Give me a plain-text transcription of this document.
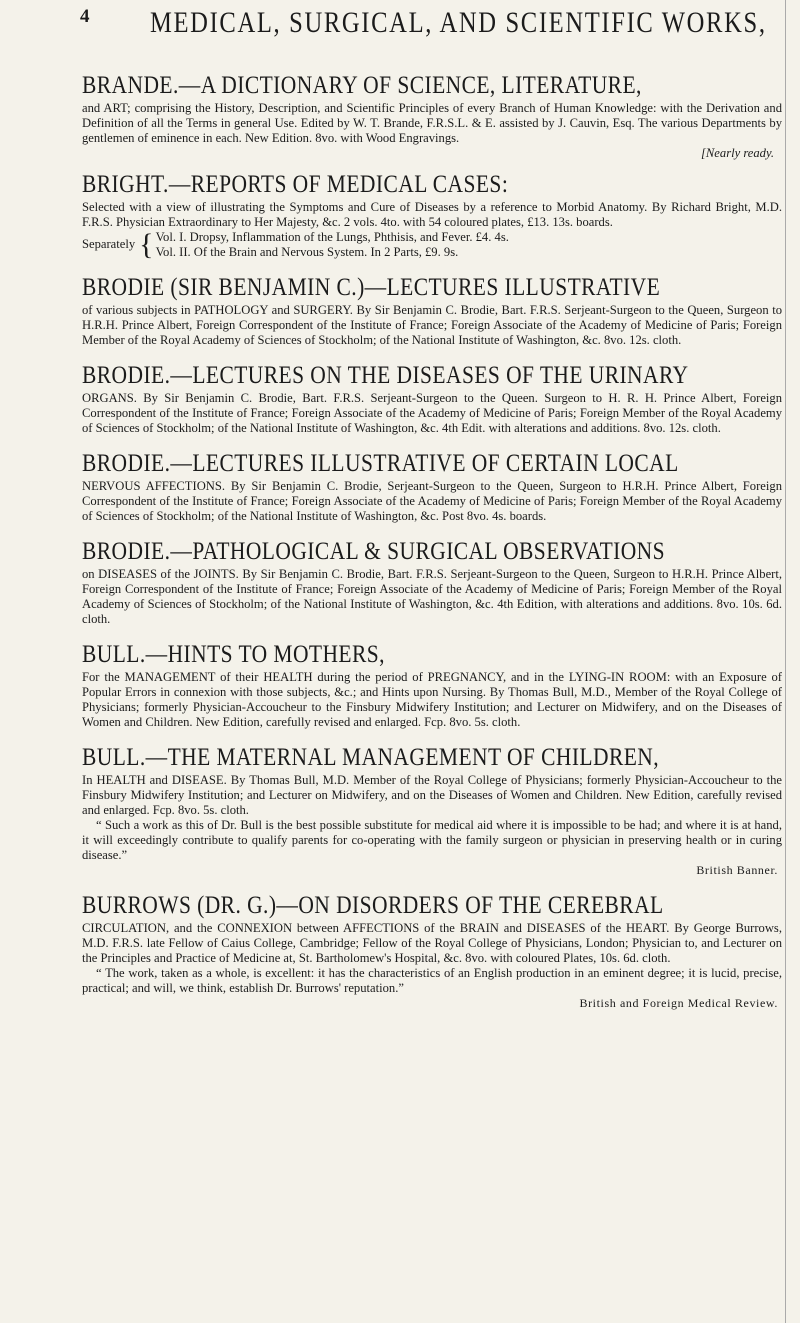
4 MEDICAL, SURGICAL, AND SCIENTIFIC WORKS,
BRANDE.—A DICTIONARY OF SCIENCE, LITERATURE,
and ART; comprising the History, Description, and Scientific Principles of every Branch of Human Knowledge: with the Derivation and Definition of all the Terms in general Use. Edited by W. T. Brande, F.R.S.L. & E. assisted by J. Cauvin, Esq. The various Departments by gentlemen of eminence in each. New Edition. 8vo. with Wood Engravings.
[Nearly ready.
BRIGHT.—REPORTS OF MEDICAL CASES:
Selected with a view of illustrating the Symptoms and Cure of Diseases by a reference to Morbid Anatomy. By Richard Bright, M.D. F.R.S. Physician Extraordinary to Her Majesty, &c. 2 vols. 4to. with 54 coloured plates, £13. 13s. boards.
Separately { Vol. I. Dropsy, Inflammation of the Lungs, Phthisis, and Fever. £4. 4s.
Vol. II. Of the Brain and Nervous System. In 2 Parts, £9. 9s.
BRODIE (SIR BENJAMIN C.)—LECTURES ILLUSTRATIVE
of various subjects in PATHOLOGY and SURGERY. By Sir Benjamin C. Brodie, Bart. F.R.S. Serjeant-Surgeon to the Queen, Surgeon to H.R.H. Prince Albert, Foreign Correspondent of the Institute of France; Foreign Associate of the Academy of Medicine of Paris; Foreign Member of the Royal Academy of Sciences of Stockholm; of the National Institute of Washington, &c. 8vo. 12s. cloth.
BRODIE.—LECTURES ON THE DISEASES OF THE URINARY
ORGANS. By Sir Benjamin C. Brodie, Bart. F.R.S. Serjeant-Surgeon to the Queen. Surgeon to H. R. H. Prince Albert, Foreign Correspondent of the Institute of France; Foreign Associate of the Academy of Medicine of Paris; Foreign Member of the Royal Academy of Sciences of Stockholm; of the National Institute of Washington, &c. 4th Edit. with alterations and additions. 8vo. 12s. cloth.
BRODIE.—LECTURES ILLUSTRATIVE OF CERTAIN LOCAL
NERVOUS AFFECTIONS. By Sir Benjamin C. Brodie, Serjeant-Surgeon to the Queen, Surgeon to H.R.H. Prince Albert, Foreign Correspondent of the Institute of France; Foreign Associate of the Academy of Medicine of Paris; Foreign Member of the Royal Academy of Sciences of Stockholm; of the National Institute of Washington, &c. Post 8vo. 4s. boards.
BRODIE.—PATHOLOGICAL & SURGICAL OBSERVATIONS
on DISEASES of the JOINTS. By Sir Benjamin C. Brodie, Bart. F.R.S. Serjeant-Surgeon to the Queen, Surgeon to H.R.H. Prince Albert, Foreign Correspondent of the Institute of France; Foreign Associate of the Academy of Medicine of Paris; Foreign Member of the Royal Academy of Sciences of Stockholm; of the National Institute of Washington, &c. 4th Edition, with alterations and additions. 8vo. 10s. 6d. cloth.
BULL.—HINTS TO MOTHERS,
For the MANAGEMENT of their HEALTH during the period of PREGNANCY, and in the LYING-IN ROOM: with an Exposure of Popular Errors in connexion with those subjects, &c.; and Hints upon Nursing. By Thomas Bull, M.D., Member of the Royal College of Physicians; formerly Physician-Accoucheur to the Finsbury Midwifery Institution; and Lecturer on Midwifery, and on the Diseases of Women and Children. New Edition, carefully revised and enlarged. Fcp. 8vo. 5s. cloth.
BULL.—THE MATERNAL MANAGEMENT OF CHILDREN,
In HEALTH and DISEASE. By Thomas Bull, M.D. Member of the Royal College of Physicians; formerly Physician-Accoucheur to the Finsbury Midwifery Institution; and Lecturer on Midwifery, and on the Diseases of Women and Children. New Edition, carefully revised and enlarged. Fcp. 8vo. 5s. cloth.
“ Such a work as this of Dr. Bull is the best possible substitute for medical aid where it is impossible to be had; and where it is at hand, it will exceedingly contribute to qualify parents for co-operating with the family surgeon or physician in preserving health or in curing disease.”
British Banner.
BURROWS (DR. G.)—ON DISORDERS OF THE CEREBRAL
CIRCULATION, and the CONNEXION between AFFECTIONS of the BRAIN and DISEASES of the HEART. By George Burrows, M.D. F.R.S. late Fellow of Caius College, Cambridge; Fellow of the Royal College of Physicians, London; Physician to, and Lecturer on the Principles and Practice of Medicine at, St. Bartholomew's Hospital, &c. 8vo. with coloured Plates, 10s. 6d. cloth.
“ The work, taken as a whole, is excellent: it has the characteristics of an English production in an eminent degree; it is lucid, precise, practical; and will, we think, establish Dr. Burrows' reputation.”
British and Foreign Medical Review.
